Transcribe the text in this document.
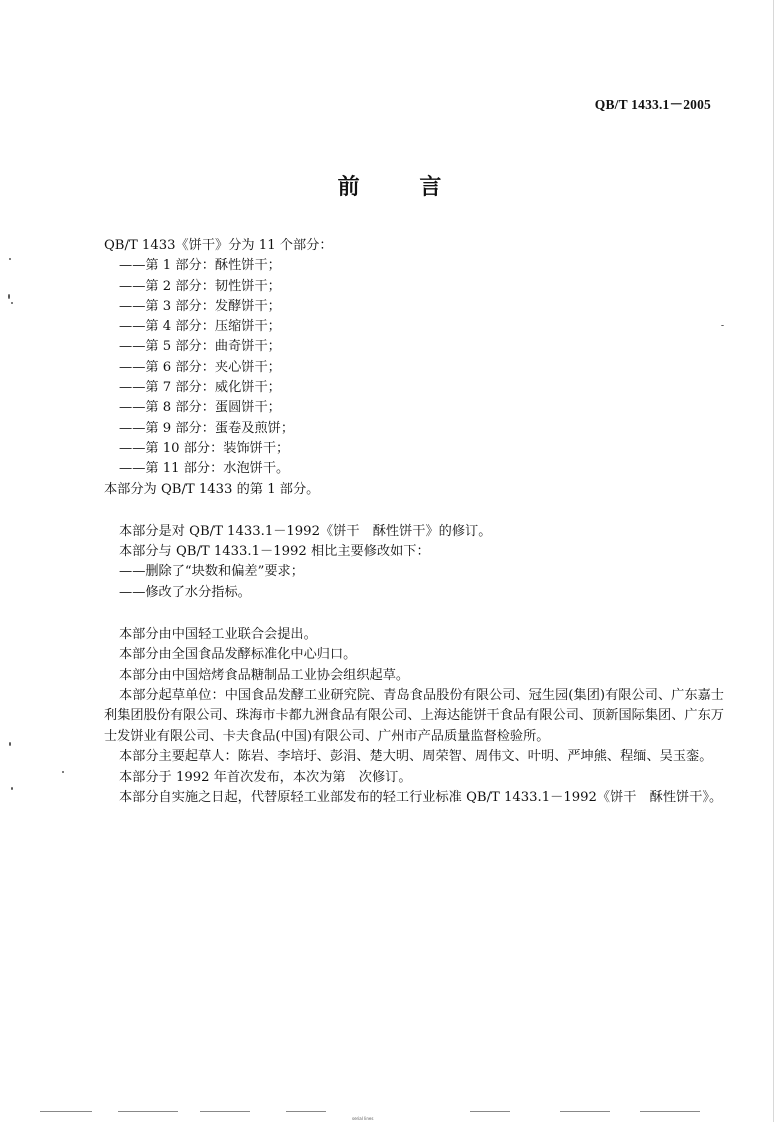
QB/T 1433.1－2005
前 言
QB/T 1433《饼干》分为 11 个部分：
——第 1 部分：酥性饼干；
——第 2 部分：韧性饼干；
——第 3 部分：发酵饼干；
——第 4 部分：压缩饼干；
——第 5 部分：曲奇饼干；
——第 6 部分：夹心饼干；
——第 7 部分：威化饼干；
——第 8 部分：蛋圆饼干；
——第 9 部分：蛋卷及煎饼；
——第 10 部分：装饰饼干；
——第 11 部分：水泡饼干。
本部分为 QB/T 1433 的第 1 部分。
本部分是对 QB/T 1433.1－1992《饼干　酥性饼干》的修订。
本部分与 QB/T 1433.1－1992 相比主要修改如下：
——删除了“块数和偏差”要求；
——修改了水分指标。
本部分由中国轻工业联合会提出。
本部分由全国食品发酵标准化中心归口。
本部分由中国焙烤食品糖制品工业协会组织起草。

本部分起草单位：中国食品发酵工业研究院、青岛食品股份有限公司、冠生园(集团)有限公司、广东嘉士利集团股份有限公司、珠海市卡都九洲食品有限公司、上海达能饼干食品有限公司、顶新国际集团、广东万士发饼业有限公司、卡夫食品(中国)有限公司、广州市产品质量监督检验所。

本部分主要起草人：陈岩、李培圩、彭涓、楚大明、周荣智、周伟文、叶明、严坤熊、程缅、吴玉銮。

本部分于 1992 年首次发布，本次为第　次修订。

本部分自实施之日起，代替原轻工业部发布的轻工行业标准 QB/T 1433.1－1992《饼干　酥性饼干》。

serial lines
